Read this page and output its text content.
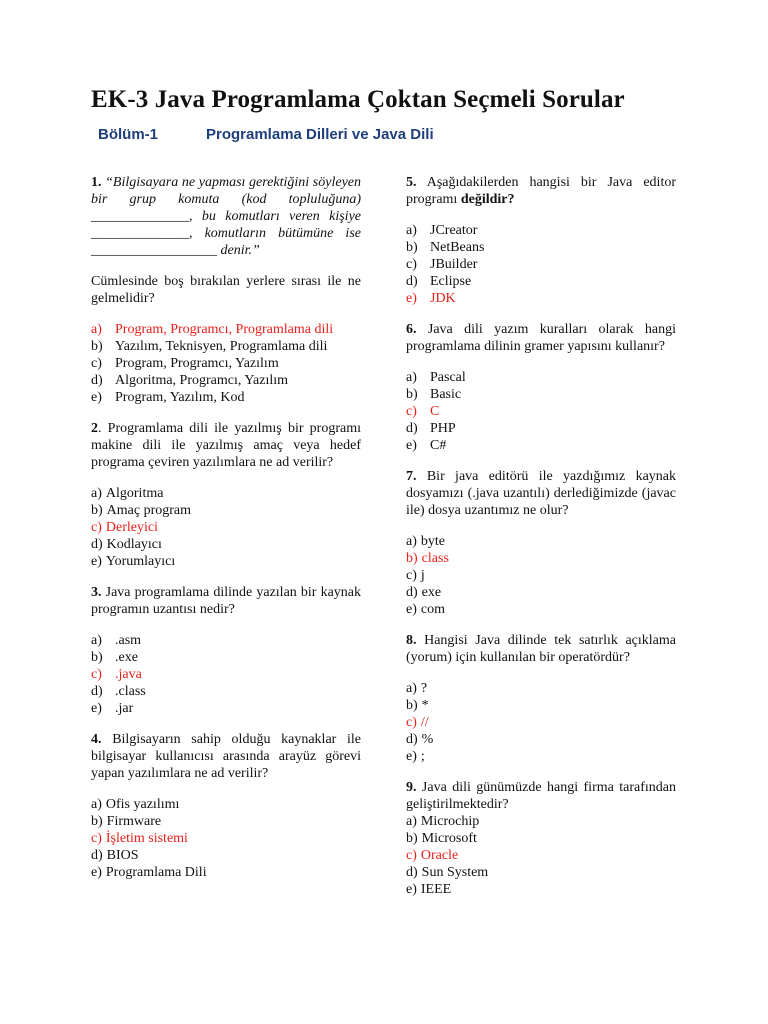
EK-3 Java Programlama Çoktan Seçmeli Sorular
Bölüm-1	Programlama Dilleri ve Java Dili
1. “Bilgisayara ne yapması gerektiğini söyleyen bir grup komuta (kod topluluğuna) ______________, bu komutları veren kişiye ______________, komutların bütümüne ise __________________ denir.”
Cümlesinde boş bırakılan yerlere sırası ile ne gelmelidir?
a) Program, Programcı, Programlama dili
b) Yazılım, Teknisyen, Programlama dili
c) Program, Programcı, Yazılım
d) Algoritma, Programcı, Yazılım
e) Program, Yazılım, Kod
2. Programlama dili ile yazılmış bir programı makine dili ile yazılmış amaç veya hedef programa çeviren yazılımlara ne ad verilir?
a) Algoritma
b) Amaç program
c) Derleyici
d) Kodlayıcı
e) Yorumlayıcı
3. Java programlama dilinde yazılan bir kaynak programın uzantısı nedir?
a) .asm
b) .exe
c) .java
d) .class
e) .jar
4. Bilgisayarın sahip olduğu kaynaklar ile bilgisayar kullanıcısı arasında arayüz görevi yapan yazılımlara ne ad verilir?
a) Ofis yazılımı
b) Firmware
c) İşletim sistemi
d) BIOS
e) Programlama Dili
5. Aşağıdakilerden hangisi bir Java editor programı değildir?
a) JCreator
b) NetBeans
c) JBuilder
d) Eclipse
e) JDK
6. Java dili yazım kuralları olarak hangi programlama dilinin gramer yapısını kullanır?
a) Pascal
b) Basic
c) C
d) PHP
e) C#
7. Bir java editörü ile yazdığımız kaynak dosyamızı (.java uzantılı) derlediğimizde (javac ile) dosya uzantımız ne olur?
a) byte
b) class
c) j
d) exe
e) com
8. Hangisi Java dilinde tek satırlık açıklama (yorum) için kullanılan bir operatördür?
a) ?
b) *
c) //
d) %
e) ;
9. Java dili günümüzde hangi firma tarafından geliştirilmektedir?
a) Microchip
b) Microsoft
c) Oracle
d) Sun System
e) IEEE
